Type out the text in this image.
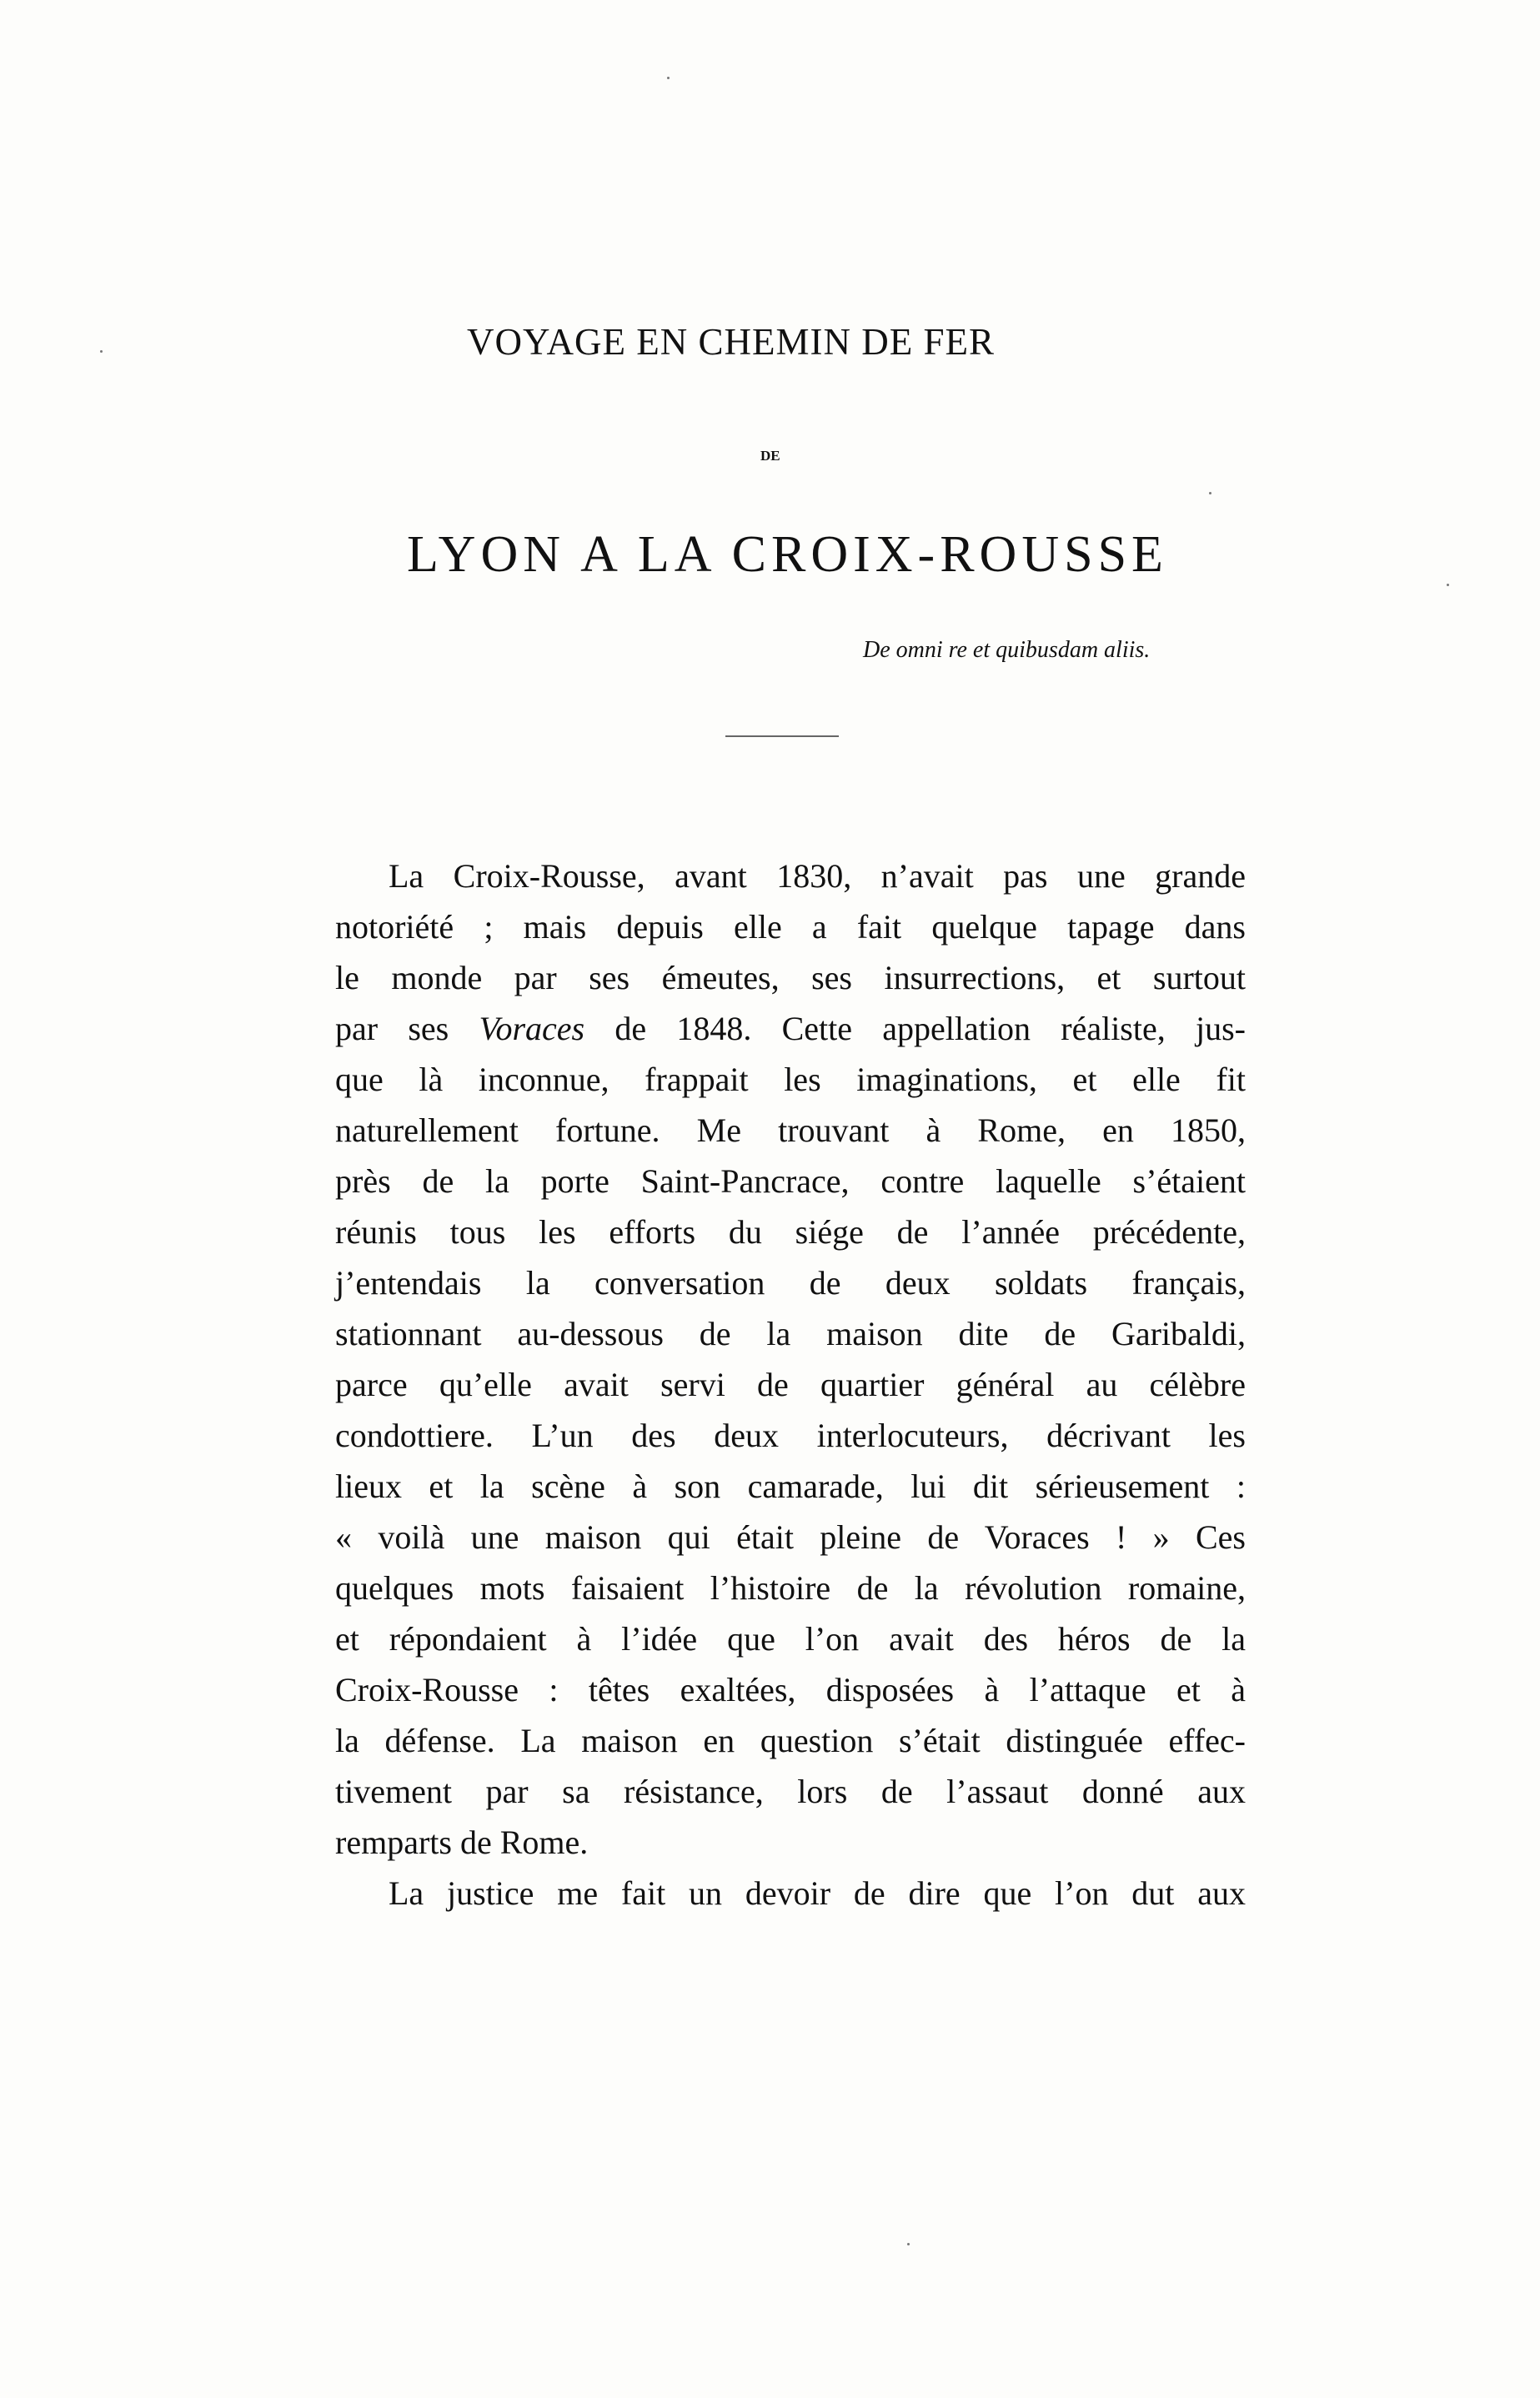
VOYAGE EN CHEMIN DE FER
DE
LYON A LA CROIX-ROUSSE
De omni re et quibusdam aliis.
La Croix-Rousse, avant 1830, n’avait pas une grande
notoriété ; mais depuis elle a fait quelque tapage dans
le monde par ses émeutes, ses insurrections, et surtout
par ses Voraces de 1848. Cette appellation réaliste, jus-
que là inconnue, frappait les imaginations, et elle fit
naturellement fortune. Me trouvant à Rome, en 1850,
près de la porte Saint-Pancrace, contre laquelle s’étaient
réunis tous les efforts du siége de l’année précédente,
j’entendais la conversation de deux soldats français,
stationnant au-dessous de la maison dite de Garibaldi,
parce qu’elle avait servi de quartier général au célèbre
condottiere. L’un des deux interlocuteurs, décrivant les
lieux et la scène à son camarade, lui dit sérieusement :
« voilà une maison qui était pleine de Voraces ! » Ces
quelques mots faisaient l’histoire de la révolution romaine,
et répondaient à l’idée que l’on avait des héros de la
Croix-Rousse : têtes exaltées, disposées à l’attaque et à
la défense. La maison en question s’était distinguée effec-
tivement par sa résistance, lors de l’assaut donné aux
remparts de Rome.
La justice me fait un devoir de dire que l’on dut aux
